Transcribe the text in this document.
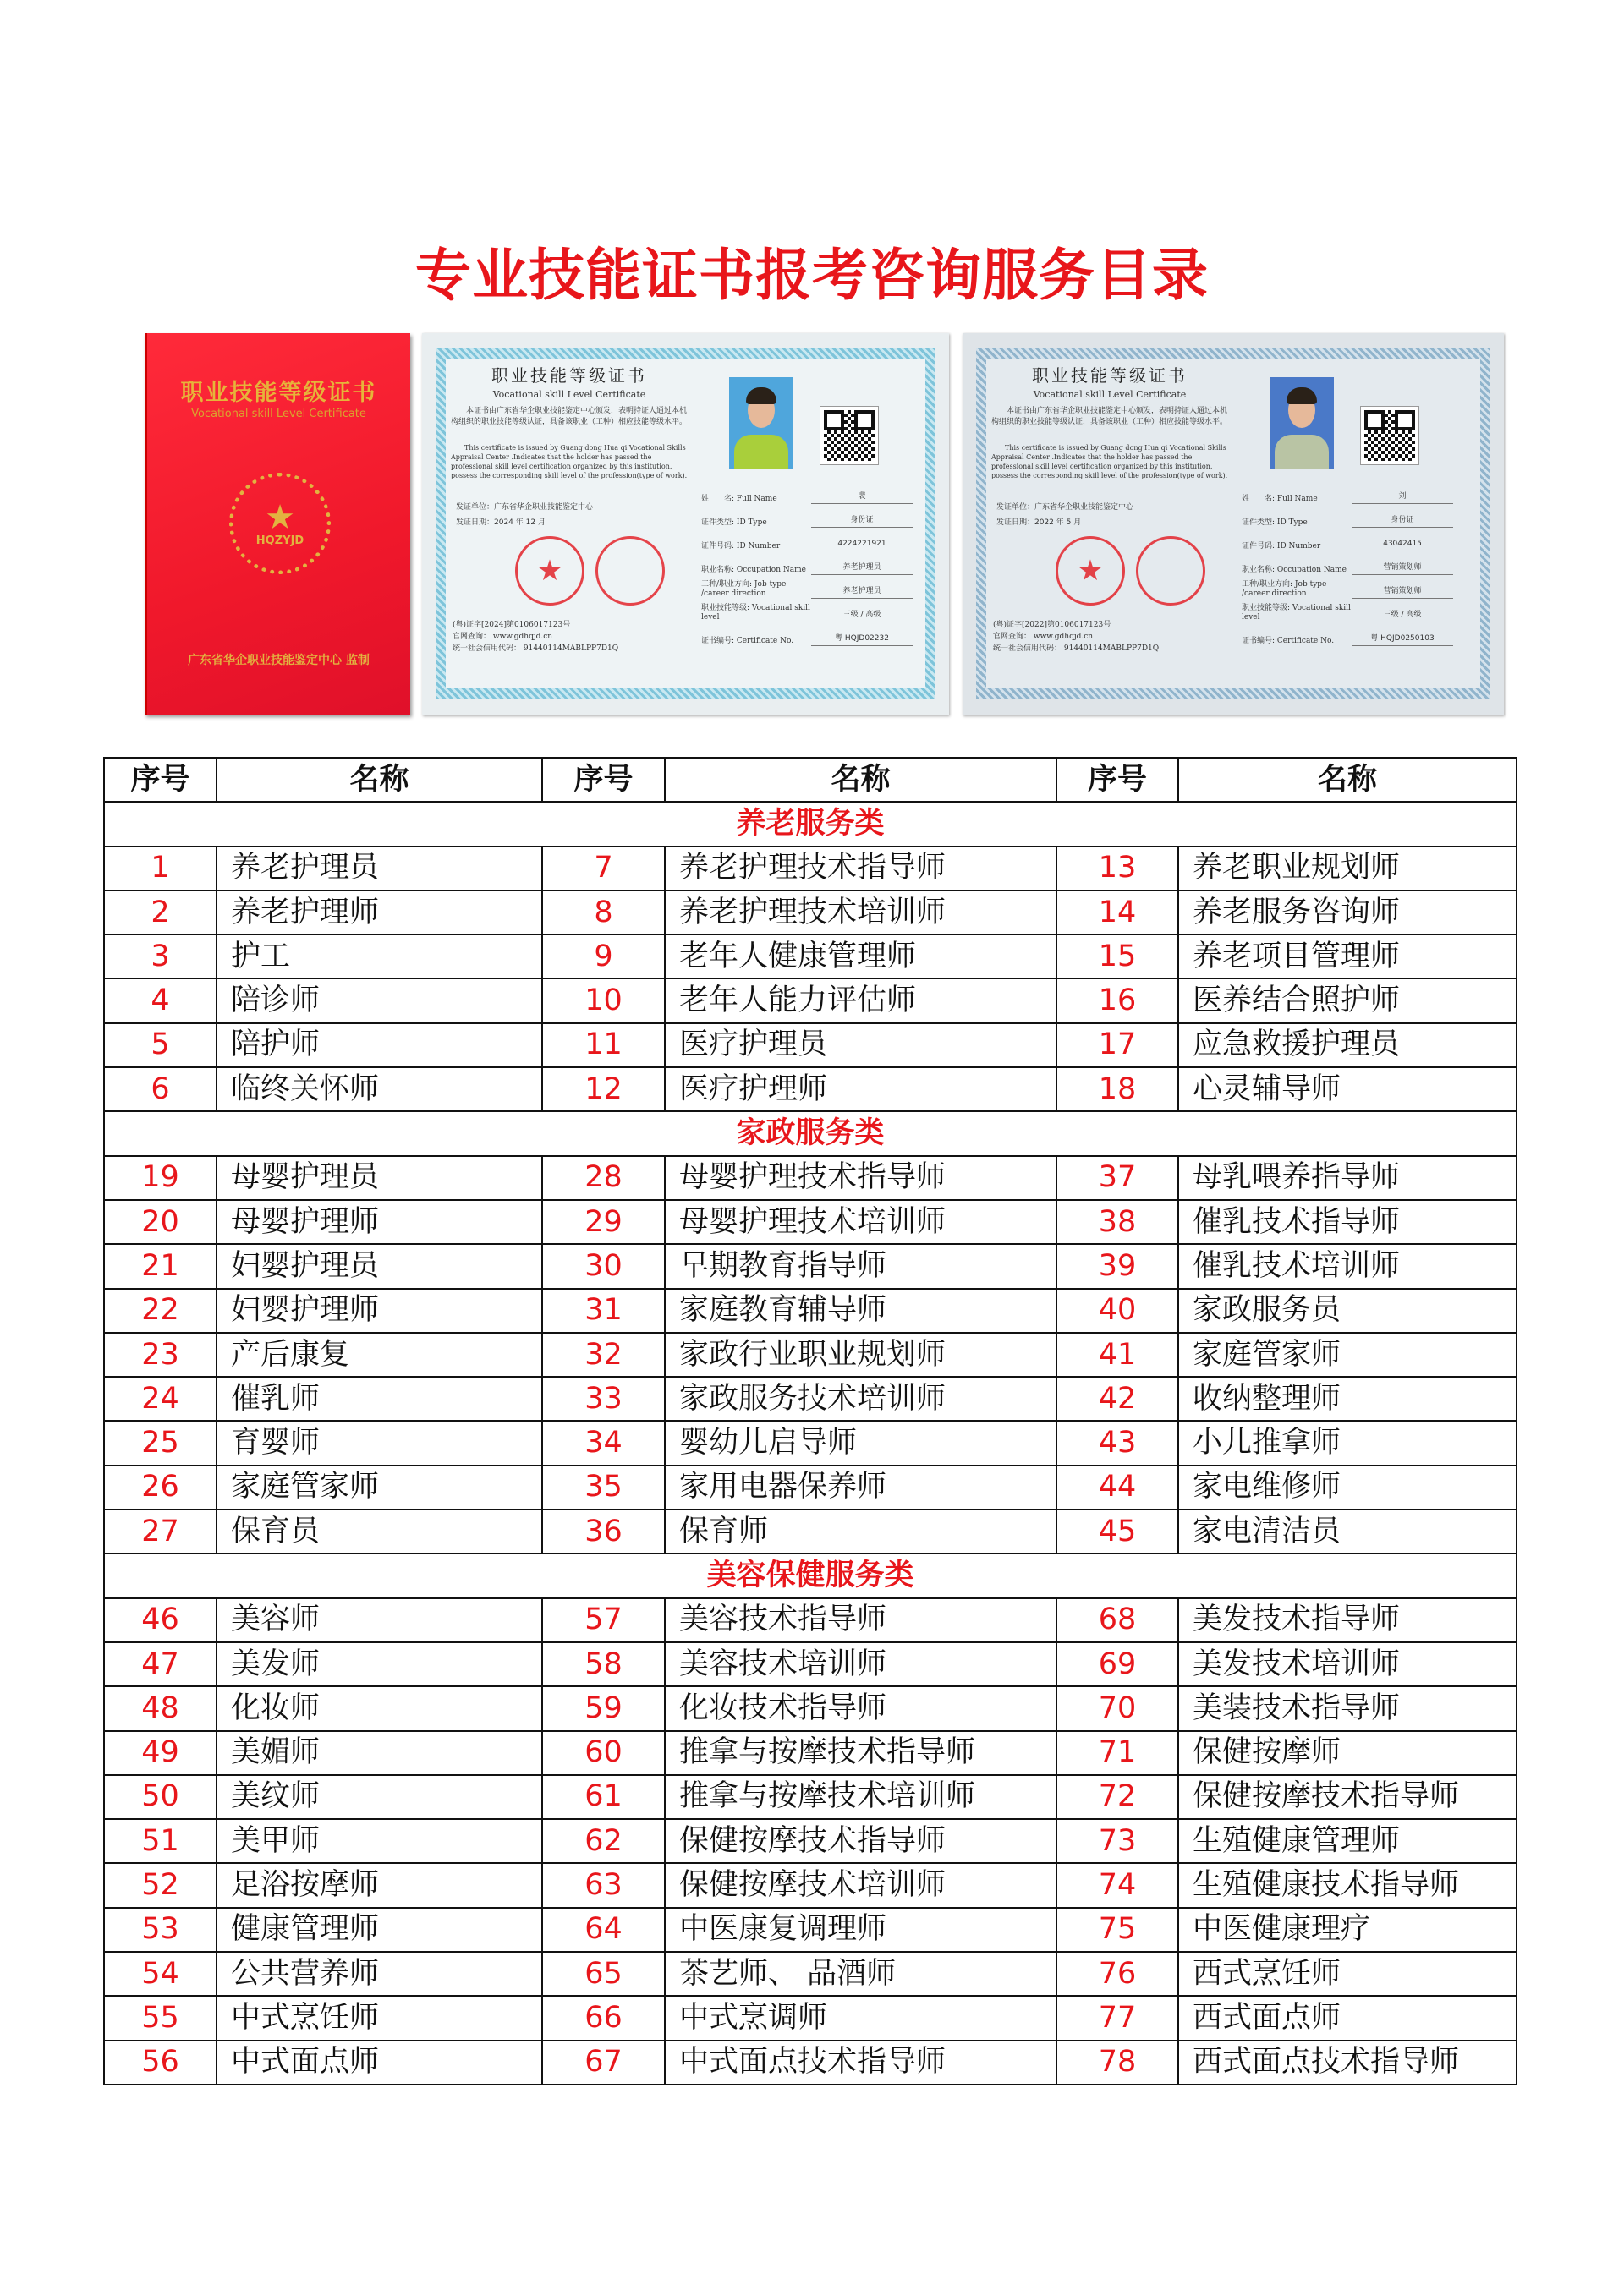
专业技能证书报考咨询服务目录
职业技能等级证书
Vocational skill Level Certificate
★
HQZYJD
广东省华企职业技能鉴定中心 监制
职业技能等级证书
Vocational skill Level Certificate
本证书由广东省华企职业技能鉴定中心颁发，表明持证人通过本机构组织的职业技能等级认证，具备该职业（工种）相应技能等级水平。
This certificate is issued by Guang dong Hua qi Vocational Skills Appraisal Center .Indicates that the holder has passed the professional skill level certification organized by this institution. possess the corresponding skill level of the profession(type of work).
发证单位：广东省华企职业技能鉴定中心
发证日期：2024 年 12 月
★
(粤)证字[2024]第0106017123号
官网查询： www.gdhqjd.cn
统一社会信用代码： 91440114MABLPP7D1Q
姓　　名: Full Name	裴
证件类型: ID Type	身份证
证件号码: ID Number	4224221921
职业名称: Occupation Name	养老护理员
工种/职业方向: Job type /career direction	养老护理员
职业技能等级: Vocational skill level	三级 / 高级
证书编号: Certificate No.	粤 HQJD02232
职业技能等级证书
Vocational skill Level Certificate
本证书由广东省华企职业技能鉴定中心颁发，表明持证人通过本机构组织的职业技能等级认证，具备该职业（工种）相应技能等级水平。
This certificate is issued by Guang dong Hua qi Vocational Skills Appraisal Center .Indicates that the holder has passed the professional skill level certification organized by this institution. possess the corresponding skill level of the profession(type of work).
发证单位：广东省华企职业技能鉴定中心
发证日期：2022 年 5 月
★
(粤)证字[2022]第0106017123号
官网查询： www.gdhqjd.cn
统一社会信用代码： 91440114MABLPP7D1Q
姓　　名: Full Name	刘
证件类型: ID Type	身份证
证件号码: ID Number	43042415
职业名称: Occupation Name	营销策划师
工种/职业方向: Job type /career direction	营销策划师
职业技能等级: Vocational skill level	三级 / 高级
证书编号: Certificate No.	粤 HQJD0250103
序号	名称	序号	名称	序号	名称
养老服务类					
1	养老护理员	7	养老护理技术指导师	13	养老职业规划师
2	养老护理师	8	养老护理技术培训师	14	养老服务咨询师
3	护工	9	老年人健康管理师	15	养老项目管理师
4	陪诊师	10	老年人能力评估师	16	医养结合照护师
5	陪护师	11	医疗护理员	17	应急救援护理员
6	临终关怀师	12	医疗护理师	18	心灵辅导师
家政服务类					
19	母婴护理员	28	母婴护理技术指导师	37	母乳喂养指导师
20	母婴护理师	29	母婴护理技术培训师	38	催乳技术指导师
21	妇婴护理员	30	早期教育指导师	39	催乳技术培训师
22	妇婴护理师	31	家庭教育辅导师	40	家政服务员
23	产后康复	32	家政行业职业规划师	41	家庭管家师
24	催乳师	33	家政服务技术培训师	42	收纳整理师
25	育婴师	34	婴幼儿启导师	43	小儿推拿师
26	家庭管家师	35	家用电器保养师	44	家电维修师
27	保育员	36	保育师	45	家电清洁员
美容保健服务类					
46	美容师	57	美容技术指导师	68	美发技术指导师
47	美发师	58	美容技术培训师	69	美发技术培训师
48	化妆师	59	化妆技术指导师	70	美装技术指导师
49	美媚师	60	推拿与按摩技术指导师	71	保健按摩师
50	美纹师	61	推拿与按摩技术培训师	72	保健按摩技术指导师
51	美甲师	62	保健按摩技术指导师	73	生殖健康管理师
52	足浴按摩师	63	保健按摩技术培训师	74	生殖健康技术指导师
53	健康管理师	64	中医康复调理师	75	中医健康理疗
54	公共营养师	65	茶艺师、 品酒师	76	西式烹饪师
55	中式烹饪师	66	中式烹调师	77	西式面点师
56	中式面点师	67	中式面点技术指导师	78	西式面点技术指导师
